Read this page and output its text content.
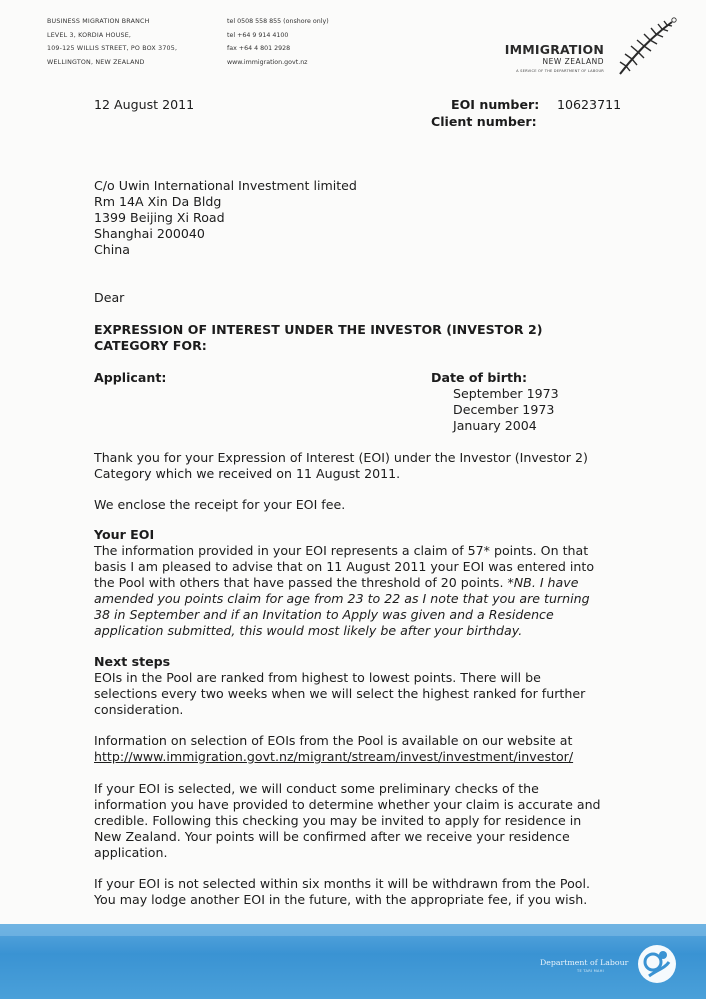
BUSINESS MIGRATION BRANCH
LEVEL 3, KORDIA HOUSE,
109-125 WILLIS STREET, PO BOX 3705,
WELLINGTON, NEW ZEALAND
tel 0508 558 855 (onshore only)
tel +64 9 914 4100
fax +64 4 801 2928
www.immigration.govt.nz
IMMIGRATION
NEW ZEALAND
A SERVICE OF THE DEPARTMENT OF LABOUR
12 August 2011	EOI number: 10623711
Client number:
C/o Uwin International Investment limited
Rm 14A Xin Da Bldg
1399 Beijing Xi Road
Shanghai 200040
China
Dear
EXPRESSION OF INTEREST UNDER THE INVESTOR (INVESTOR 2)
CATEGORY FOR:
Applicant:	Date of birth:
September 1973
December 1973
January 2004
Thank you for your Expression of Interest (EOI) under the Investor (Investor 2)
Category which we received on 11 August 2011.
We enclose the receipt for your EOI fee.
Your EOI
The information provided in your EOI represents a claim of 57* points. On that
basis I am pleased to advise that on 11 August 2011 your EOI was entered into
the Pool with others that have passed the threshold of 20 points. *NB. I have
amended you points claim for age from 23 to 22 as I note that you are turning
38 in September and if an Invitation to Apply was given and a Residence
application submitted, this would most likely be after your birthday.
Next steps
EOIs in the Pool are ranked from highest to lowest points. There will be
selections every two weeks when we will select the highest ranked for further
consideration.
Information on selection of EOIs from the Pool is available on our website at
http://www.immigration.govt.nz/migrant/stream/invest/investment/investor/
If your EOI is selected, we will conduct some preliminary checks of the
information you have provided to determine whether your claim is accurate and
credible. Following this checking you may be invited to apply for residence in
New Zealand. Your points will be confirmed after we receive your residence
application.
If your EOI is not selected within six months it will be withdrawn from the Pool.
You may lodge another EOI in the future, with the appropriate fee, if you wish.
Department of Labour
TE TARI MAHI
